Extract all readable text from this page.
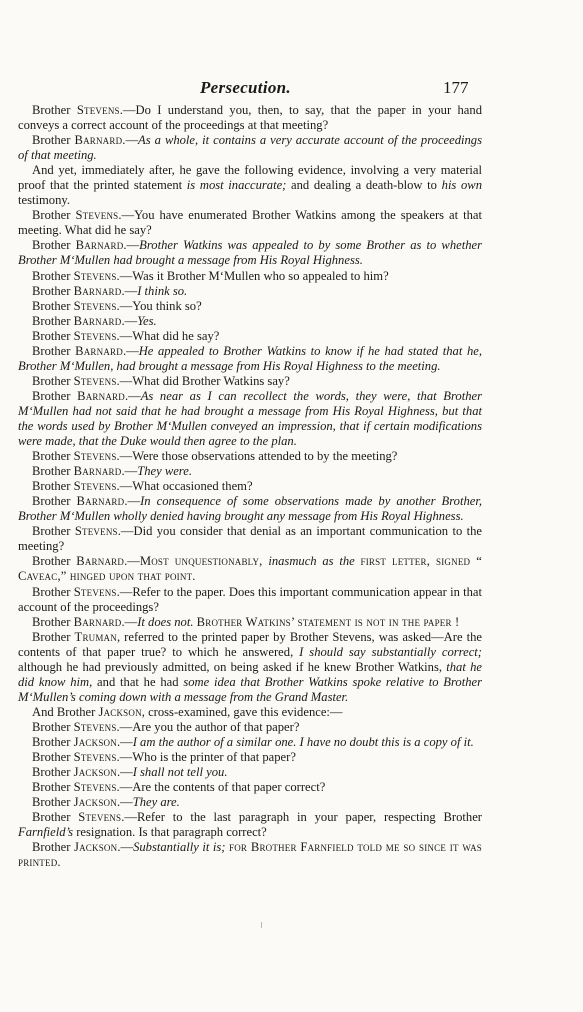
Persecution.	177

Brother Stevens.—Do I understand you, then, to say, that the paper in your hand conveys a correct account of the proceedings at that meeting?

Brother Barnard.—As a whole, it contains a very accurate account of the proceedings of that meeting.

And yet, immediately after, he gave the following evidence, involving a very material proof that the printed statement is most inaccurate; and dealing a death-blow to his own testimony.

Brother Stevens.—You have enumerated Brother Watkins among the speakers at that meeting. What did he say?

Brother Barnard.—Brother Watkins was appealed to by some Brother as to whether Brother M‘Mullen had brought a message from His Royal Highness.

Brother Stevens.—Was it Brother M‘Mullen who so appealed to him?

Brother Barnard.—I think so.

Brother Stevens.—You think so?

Brother Barnard.—Yes.

Brother Stevens.—What did he say?

Brother Barnard.—He appealed to Brother Watkins to know if he had stated that he, Brother M‘Mullen, had brought a message from His Royal Highness to the meeting.

Brother Stevens.—What did Brother Watkins say?

Brother Barnard.—As near as I can recollect the words, they were, that Brother M‘Mullen had not said that he had brought a message from His Royal Highness, but that the words used by Brother M‘Mullen conveyed an impression, that if certain modifications were made, that the Duke would then agree to the plan.

Brother Stevens.—Were those observations attended to by the meeting?

Brother Barnard.—They were.

Brother Stevens.—What occasioned them?

Brother Barnard.—In consequence of some observations made by another Brother, Brother M‘Mullen wholly denied having brought any message from His Royal Highness.

Brother Stevens.—Did you consider that denial as an important communication to the meeting?

Brother Barnard.—Most unquestionably, inasmuch as the first letter, signed “ Caveac,” hinged upon that point.

Brother Stevens.—Refer to the paper. Does this important communication appear in that account of the proceedings?

Brother Barnard.—It does not. Brother Watkins’ statement is not in the paper !

Brother Truman, referred to the printed paper by Brother Stevens, was asked—Are the contents of that paper true? to which he answered, I should say substantially correct; although he had previously admitted, on being asked if he knew Brother Watkins, that he did know him, and that he had some idea that Brother Watkins spoke relative to Brother M‘Mullen’s coming down with a message from the Grand Master.

And Brother Jackson, cross-examined, gave this evidence:—

Brother Stevens.—Are you the author of that paper?

Brother Jackson.—I am the author of a similar one. I have no doubt this is a copy of it.

Brother Stevens.—Who is the printer of that paper?

Brother Jackson.—I shall not tell you.

Brother Stevens.—Are the contents of that paper correct?

Brother Jackson.—They are.

Brother Stevens.—Refer to the last paragraph in your paper, respecting Brother Farnfield’s resignation. Is that paragraph correct?

Brother Jackson.—Substantially it is; for Brother Farnfield told me so since it was printed.
